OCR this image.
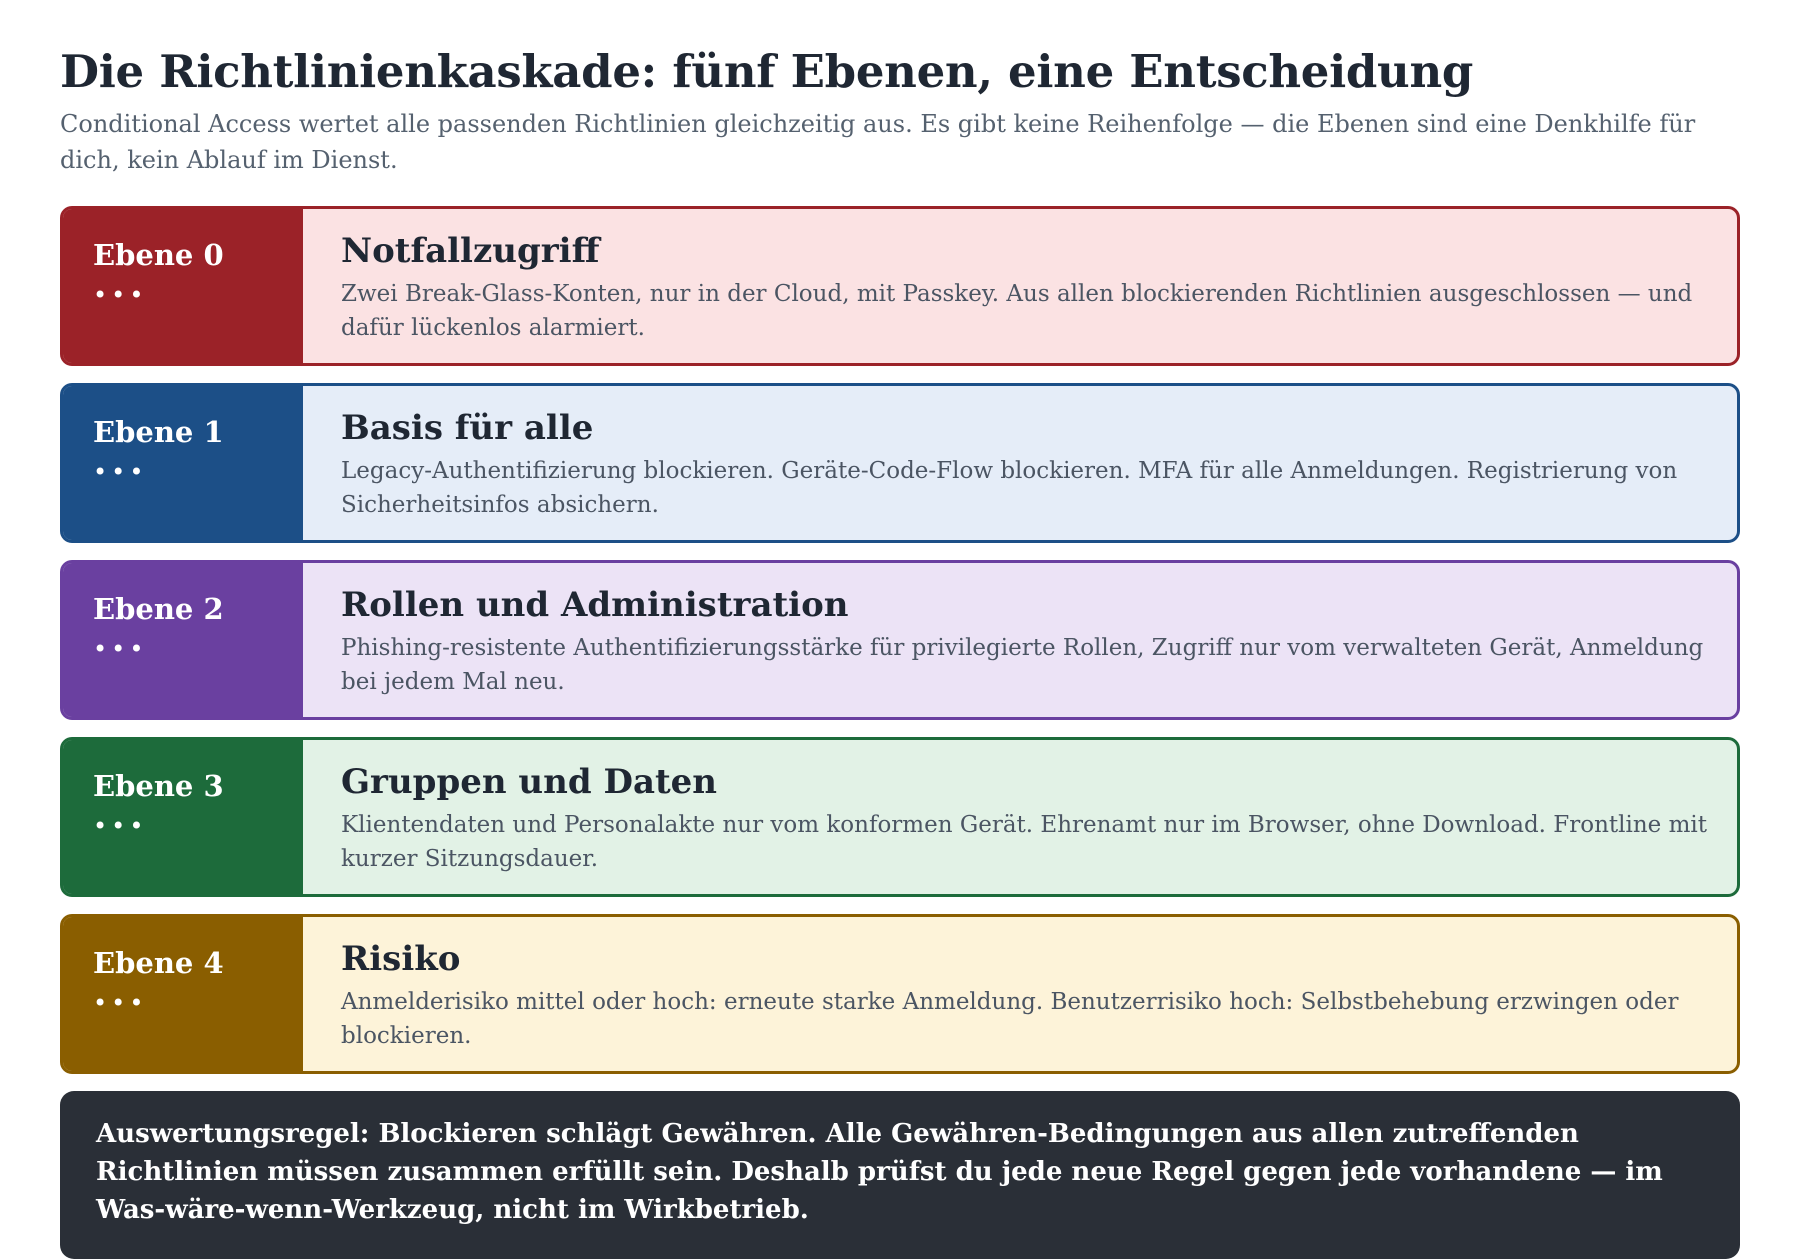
Die Richtlinienkaskade: fünf Ebenen, eine Entscheidung

Conditional Access wertet alle passenden Richtlinien gleichzeitig aus. Es gibt keine Reihenfolge — die Ebenen sind eine Denkhilfe für dich, kein Ablauf im Dienst.

Ebene 0
•••
Notfallzugriff
Zwei Break-Glass-Konten, nur in der Cloud, mit Passkey. Aus allen blockierenden Richtlinien ausgeschlossen — und dafür lückenlos alarmiert.
Ebene 1
•••
Basis für alle
Legacy-Authentifizierung blockieren. Geräte-Code-Flow blockieren. MFA für alle Anmeldungen. Registrierung von Sicherheitsinfos absichern.
Ebene 2
•••
Rollen und Administration
Phishing-resistente Authentifizierungsstärke für privilegierte Rollen, Zugriff nur vom verwalteten Gerät, Anmeldung bei jedem Mal neu.
Ebene 3
•••
Gruppen und Daten
Klientendaten und Personalakte nur vom konformen Gerät. Ehrenamt nur im Browser, ohne Download. Frontline mit kurzer Sitzungsdauer.
Ebene 4
•••
Risiko
Anmelderisiko mittel oder hoch: erneute starke Anmeldung. Benutzerrisiko hoch: Selbstbehebung erzwingen oder blockieren.
Auswertungsregel: Blockieren schlägt Gewähren. Alle Gewähren-Bedingungen aus allen zutreffenden Richtlinien müssen zusammen erfüllt sein. Deshalb prüfst du jede neue Regel gegen jede vorhandene — im Was-wäre-wenn-Werkzeug, nicht im Wirkbetrieb.
